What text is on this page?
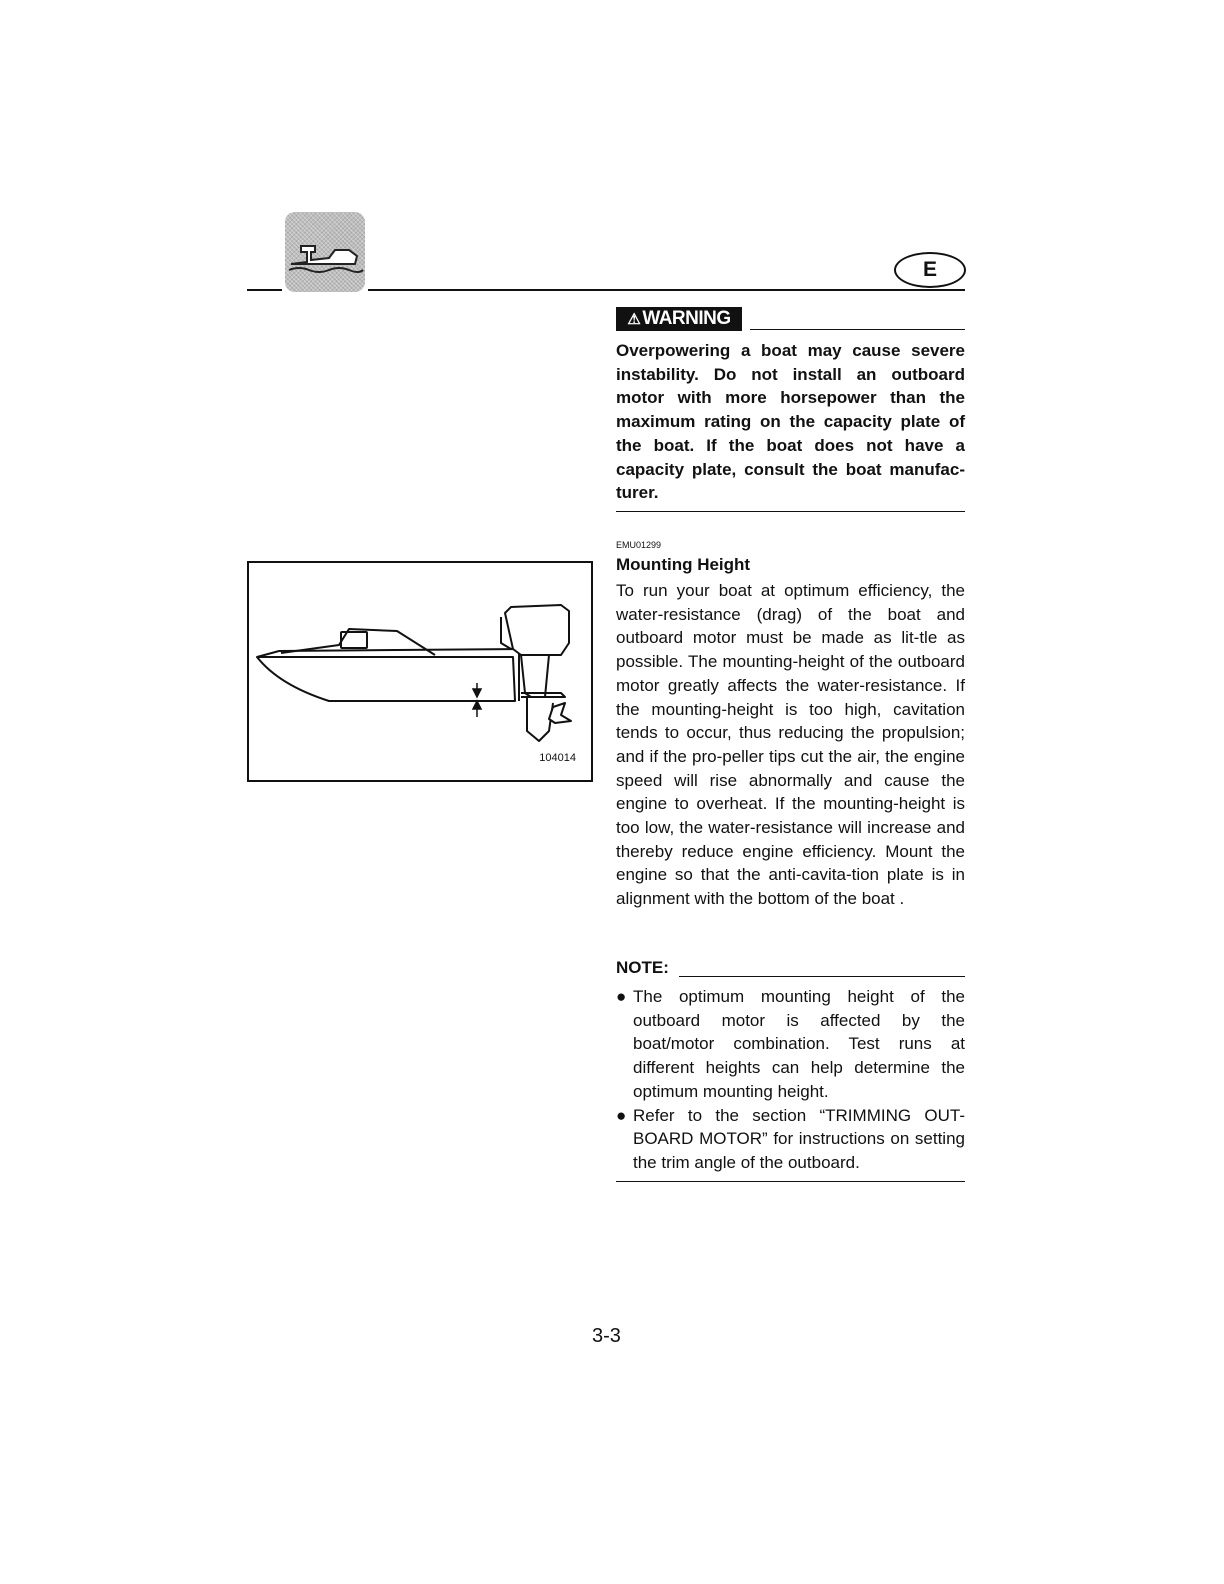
E
⚠ WARNING

Overpowering a boat may cause severe instability. Do not install an outboard motor with more horsepower than the maximum rating on the capacity plate of the boat. If the boat does not have a capacity plate, consult the boat manufac-turer.

EMU01299
Mounting Height

To run your boat at optimum efficiency, the water-resistance (drag) of the boat and outboard motor must be made as lit-tle as possible. The mounting-height of the outboard motor greatly affects the water-resistance. If the mounting-height is too high, cavitation tends to occur, thus reducing the propulsion; and if the pro-peller tips cut the air, the engine speed will rise abnormally and cause the engine to overheat. If the mounting-height is too low, the water-resistance will increase and thereby reduce engine efficiency. Mount the engine so that the anti-cavita-tion plate is in alignment with the bottom of the boat .

NOTE:
● The optimum mounting height of the outboard motor is affected by the boat/motor combination. Test runs at different heights can help determine the optimum mounting height.
● Refer to the section “TRIMMING OUT-BOARD MOTOR” for instructions on setting the trim angle of the outboard.
104014
3-3
